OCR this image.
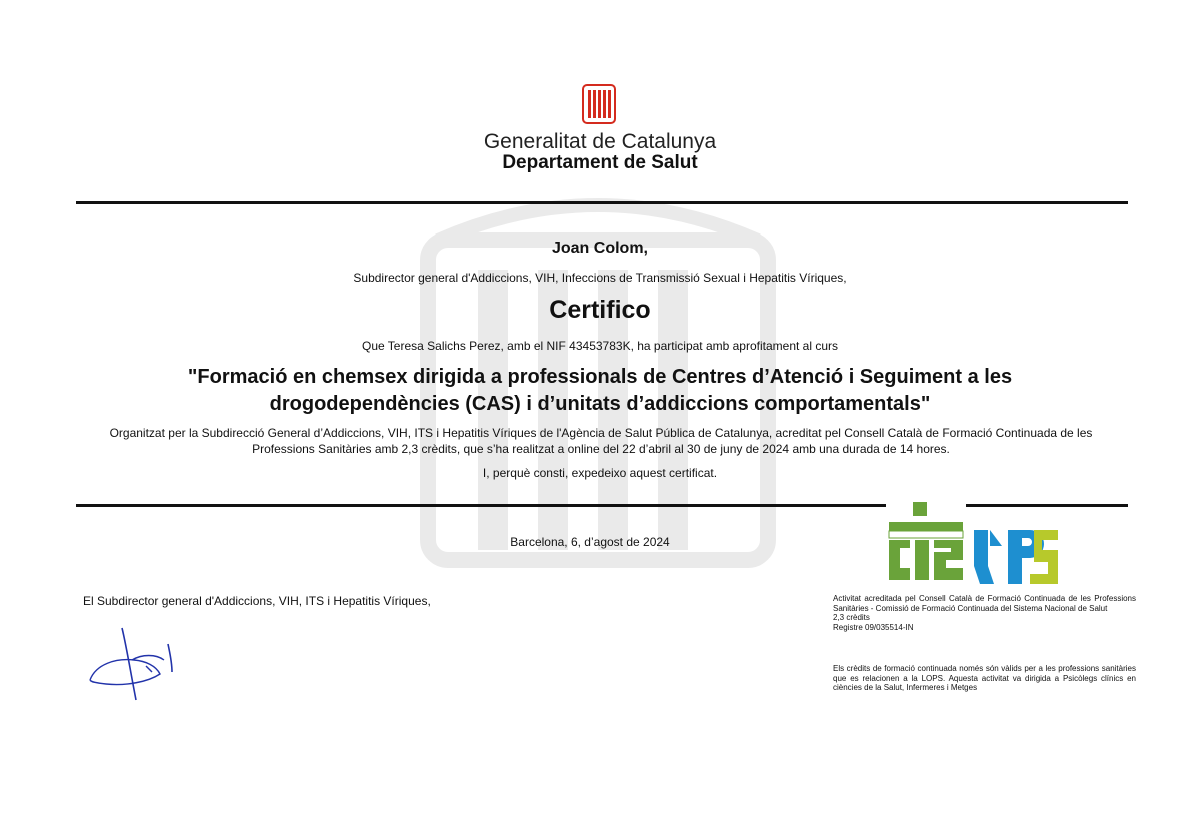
Generalitat de Catalunya
Departament de Salut
Joan Colom,
Subdirector general d'Addiccions, VIH, Infeccions de Transmissió Sexual i Hepatitis Víriques,
Certifico
Que Teresa Salichs Perez, amb el NIF 43453783K, ha participat amb aprofitament al curs
"Formació en chemsex dirigida a professionals de Centres d’Atenció i Seguiment a les drogodependències (CAS) i d’unitats d’addiccions comportamentals"
Organitzat per la Subdirecció General d’Addiccions, VIH, ITS i Hepatitis Víriques de l'Agència de Salut Pública de Catalunya, acreditat pel Consell Català de Formació Continuada de les Professions Sanitàries amb 2,3 crèdits, que s’ha realitzat a online del 22 d’abril al 30 de juny de 2024 amb una durada de 14 hores.
I, perquè consti, expedeixo aquest certificat.
Barcelona, 6, d’agost de 2024
El Subdirector general d'Addiccions, VIH, ITS i Hepatitis Víriques,	Activitat acreditada pel Consell Català de Formació Continuada de les Professions Sanitàries - Comissió de Formació Continuada del Sistema Nacional de Salut
2,3 crèdits
Registre 09/035514-IN
Els crèdits de formació continuada només són vàlids per a les professions sanitàries que es relacionen a la LOPS. Aquesta activitat va dirigida a Psicòlegs clínics en ciències de la Salut, Infermeres i Metges
